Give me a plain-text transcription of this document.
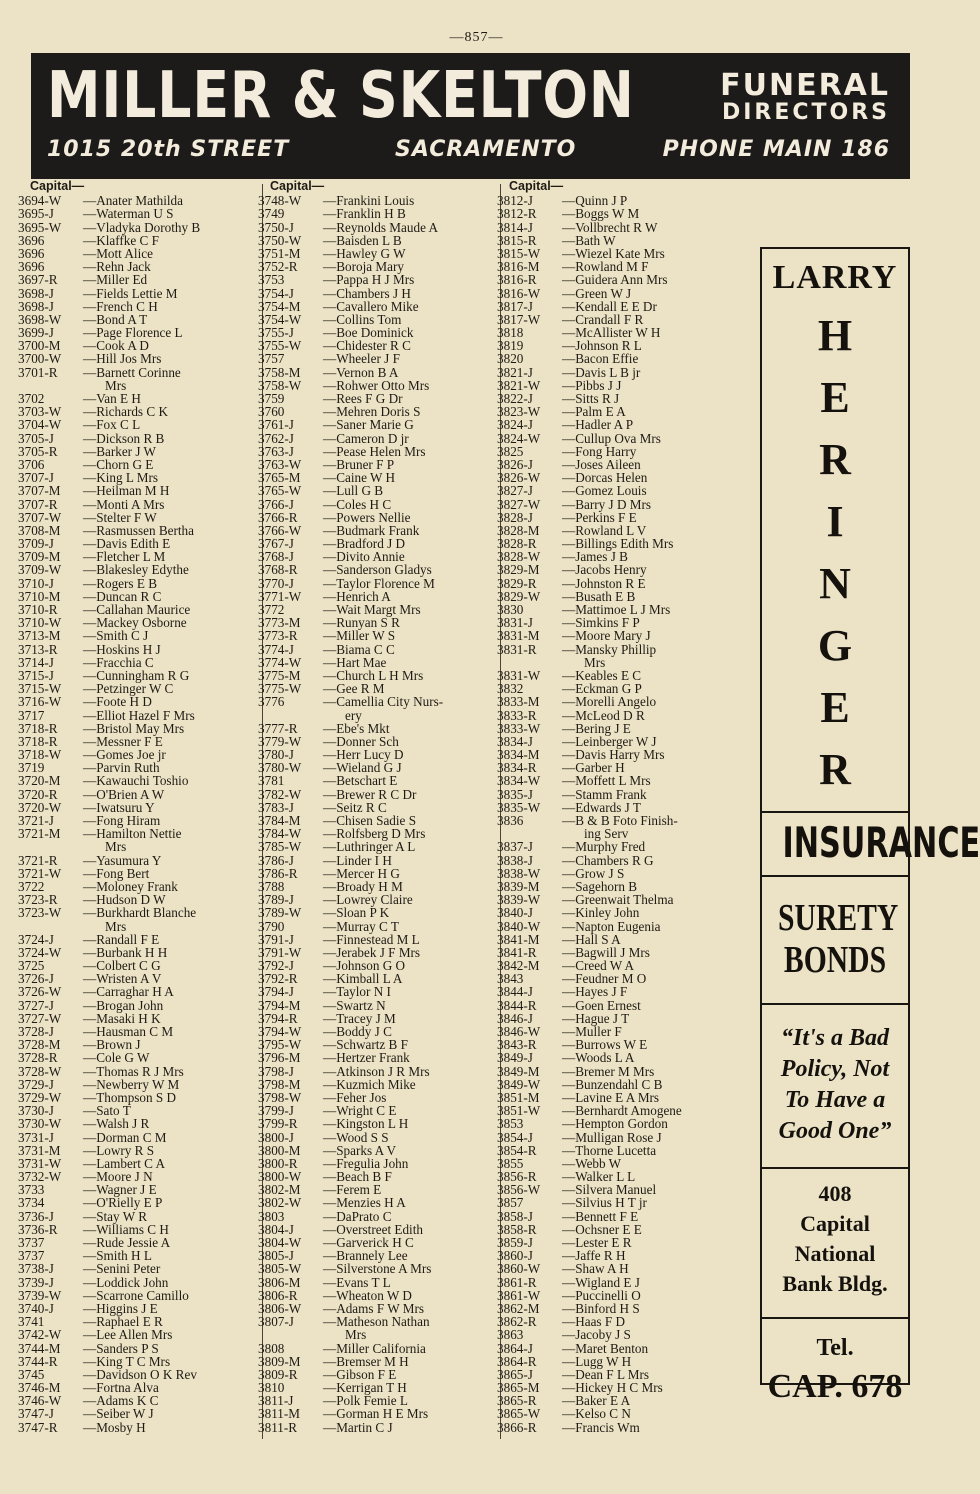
—857—
MILLER & SKELTON	FUNERAL
DIRECTORS
1015 20th STREET	SACRAMENTO	PHONE MAIN 186
Capital—
3694-W	—Anater Mathilda
3695-J	—Waterman U S
3695-W	—Vladyka Dorothy B
3696	—Klaffke C F
3696	—Mott Alice
3696	—Rehn Jack
3697-R	—Miller Ed
3698-J	—Fields Lettie M
3698-J	—French C H
3698-W	—Bond A T
3699-J	—Page Florence L
3700-M	—Cook A D
3700-W	—Hill Jos Mrs
3701-R	—Barnett Corinne
Mrs
3702	—Van E H
3703-W	—Richards C K
3704-W	—Fox C L
3705-J	—Dickson R B
3705-R	—Barker J W
3706	—Chorn G E
3707-J	—King L Mrs
3707-M	—Heilman M H
3707-R	—Monti A Mrs
3707-W	—Stelter F W
3708-M	—Rasmussen Bertha
3709-J	—Davis Edith E
3709-M	—Fletcher L M
3709-W	—Blakesley Edythe
3710-J	—Rogers E B
3710-M	—Duncan R C
3710-R	—Callahan Maurice
3710-W	—Mackey Osborne
3713-M	—Smith C J
3713-R	—Hoskins H J
3714-J	—Fracchia C
3715-J	—Cunningham R G
3715-W	—Petzinger W C
3716-W	—Foote H D
3717	—Elliot Hazel F Mrs
3718-R	—Bristol May Mrs
3718-R	—Messner F E
3718-W	—Gomes Joe jr
3719	—Parvin Ruth
3720-M	—Kawauchi Toshio
3720-R	—O'Brien A W
3720-W	—Iwatsuru Y
3721-J	—Fong Hiram
3721-M	—Hamilton Nettie
Mrs
3721-R	—Yasumura Y
3721-W	—Fong Bert
3722	—Moloney Frank
3723-R	—Hudson D W
3723-W	—Burkhardt Blanche
Mrs
3724-J	—Randall F E
3724-W	—Burbank H H
3725	—Colbert C G
3726-J	—Wristen A V
3726-W	—Carraghar H A
3727-J	—Brogan John
3727-W	—Masaki H K
3728-J	—Hausman C M
3728-M	—Brown J
3728-R	—Cole G W
3728-W	—Thomas R J Mrs
3729-J	—Newberry W M
3729-W	—Thompson S D
3730-J	—Sato T
3730-W	—Walsh J R
3731-J	—Dorman C M
3731-M	—Lowry R S
3731-W	—Lambert C A
3732-W	—Moore J N
3733	—Wagner J E
3734	—O'Rielly E P
3736-J	—Stay W R
3736-R	—Williams C H
3737	—Rude Jessie A
3737	—Smith H L
3738-J	—Senini Peter
3739-J	—Loddick John
3739-W	—Scarrone Camillo
3740-J	—Higgins J E
3741	—Raphael E R
3742-W	—Lee Allen Mrs
3744-M	—Sanders P S
3744-R	—King T C Mrs
3745	—Davidson O K Rev
3746-M	—Fortna Alva
3746-W	—Adams K C
3747-J	—Seiber W J
3747-R	—Mosby H
Capital—
3748-W	—Frankini Louis
3749	—Franklin H B
3750-J	—Reynolds Maude A
3750-W	—Baisden L B
3751-M	—Hawley G W
3752-R	—Boroja Mary
3753	—Pappa H J Mrs
3754-J	—Chambers J H
3754-M	—Cavallero Mike
3754-W	—Collins Tom
3755-J	—Boe Dominick
3755-W	—Chidester R C
3757	—Wheeler J F
3758-M	—Vernon B A
3758-W	—Rohwer Otto Mrs
3759	—Rees F G Dr
3760	—Mehren Doris S
3761-J	—Saner Marie G
3762-J	—Cameron D jr
3763-J	—Pease Helen Mrs
3763-W	—Bruner F P
3765-M	—Caine W H
3765-W	—Lull G B
3766-J	—Coles H C
3766-R	—Powers Nellie
3766-W	—Budmark Frank
3767-J	—Bradford J D
3768-J	—Divito Annie
3768-R	—Sanderson Gladys
3770-J	—Taylor Florence M
3771-W	—Henrich A
3772	—Wait Margt Mrs
3773-M	—Runyan S R
3773-R	—Miller W S
3774-J	—Biama C C
3774-W	—Hart Mae
3775-M	—Church L H Mrs
3775-W	—Gee R M
3776	—Camellia City Nurs-
ery
3777-R	—Ebe's Mkt
3779-W	—Donner Sch
3780-J	—Herr Lucy D
3780-W	—Wieland G J
3781	—Betschart E
3782-W	—Brewer R C Dr
3783-J	—Seitz R C
3784-M	—Chisen Sadie S
3784-W	—Rolfsberg D Mrs
3785-W	—Luthringer A L
3786-J	—Linder I H
3786-R	—Mercer H G
3788	—Broady H M
3789-J	—Lowrey Claire
3789-W	—Sloan P K
3790	—Murray C T
3791-J	—Finnestead M L
3791-W	—Jerabek J F Mrs
3792-J	—Johnson G O
3792-R	—Kimball L A
3794-J	—Taylor N I
3794-M	—Swartz N
3794-R	—Tracey J M
3794-W	—Boddy J C
3795-W	—Schwartz B F
3796-M	—Hertzer Frank
3798-J	—Atkinson J R Mrs
3798-M	—Kuzmich Mike
3798-W	—Feher Jos
3799-J	—Wright C E
3799-R	—Kingston L H
3800-J	—Wood S S
3800-M	—Sparks A V
3800-R	—Fregulia John
3800-W	—Beach B F
3802-M	—Ferem E
3802-W	—Menzies H A
3803	—DaPrato C
3804-J	—Overstreet Edith
3804-W	—Garverick H C
3805-J	—Brannely Lee
3805-W	—Silverstone A Mrs
3806-M	—Evans T L
3806-R	—Wheaton W D
3806-W	—Adams F W Mrs
3807-J	—Matheson Nathan
Mrs
3808	—Miller California
3809-M	—Bremser M H
3809-R	—Gibson F E
3810	—Kerrigan T H
3811-J	—Polk Femie L
3811-M	—Gorman H E Mrs
3811-R	—Martin C J
Capital—
3812-J	—Quinn J P
3812-R	—Boggs W M
3814-J	—Vollbrecht R W
3815-R	—Bath W
3815-W	—Wiezel Kate Mrs
3816-M	—Rowland M F
3816-R	—Guidera Ann Mrs
3816-W	—Green W J
3817-J	—Kendall E E Dr
3817-W	—Crandall F R
3818	—McAllister W H
3819	—Johnson R L
3820	—Bacon Effie
3821-J	—Davis L B jr
3821-W	—Pibbs J J
3822-J	—Sitts R J
3823-W	—Palm E A
3824-J	—Hadler A P
3824-W	—Cullup Ova Mrs
3825	—Fong Harry
3826-J	—Joses Aileen
3826-W	—Dorcas Helen
3827-J	—Gomez Louis
3827-W	—Barry J D Mrs
3828-J	—Perkins F E
3828-M	—Rowland L V
3828-R	—Billings Edith Mrs
3828-W	—James J B
3829-M	—Jacobs Henry
3829-R	—Johnston R E
3829-W	—Busath E B
3830	—Mattimoe L J Mrs
3831-J	—Simkins F P
3831-M	—Moore Mary J
3831-R	—Mansky Phillip
Mrs
3831-W	—Keables E C
3832	—Eckman G P
3833-M	—Morelli Angelo
3833-R	—McLeod D R
3833-W	—Bering J E
3834-J	—Leinberger W J
3834-M	—Davis Harry Mrs
3834-R	—Garber H
3834-W	—Moffett L Mrs
3835-J	—Stamm Frank
3835-W	—Edwards J T
3836	—B & B Foto Finish-
ing Serv
3837-J	—Murphy Fred
3838-J	—Chambers R G
3838-W	—Grow J S
3839-M	—Sagehorn B
3839-W	—Greenwait Thelma
3840-J	—Kinley John
3840-W	—Napton Eugenia
3841-M	—Hall S A
3841-R	—Bagwill J Mrs
3842-M	—Creed W A
3843	—Feudner M O
3844-J	—Hayes J F
3844-R	—Goen Ernest
3846-J	—Hague J T
3846-W	—Muller F
3843-R	—Burrows W E
3849-J	—Woods L A
3849-M	—Bremer M Mrs
3849-W	—Bunzendahl C B
3851-M	—Lavine E A Mrs
3851-W	—Bernhardt Amogene
3853	—Hempton Gordon
3854-J	—Mulligan Rose J
3854-R	—Thorne Lucetta
3855	—Webb W
3856-R	—Walker L L
3856-W	—Silvera Manuel
3857	—Silvius H T jr
3858-J	—Bennett F E
3858-R	—Ochsner E E
3859-J	—Lester E R
3860-J	—Jaffe R H
3860-W	—Shaw A H
3861-R	—Wigland E J
3861-W	—Puccinelli O
3862-M	—Binford H S
3862-R	—Haas F D
3863	—Jacoby J S
3864-J	—Maret Benton
3864-R	—Lugg W H
3865-J	—Dean F L Mrs
3865-M	—Hickey H C Mrs
3865-R	—Baker E A
3865-W	—Kelso C N
3866-R	—Francis Wm
LARRY
H
E
R
I
N
G
E
R
INSURANCE
SURETY
BONDS
“It's a Bad
Policy, Not
To Have a
Good One”
408
Capital
National
Bank Bldg.
Tel.
CAP. 678
